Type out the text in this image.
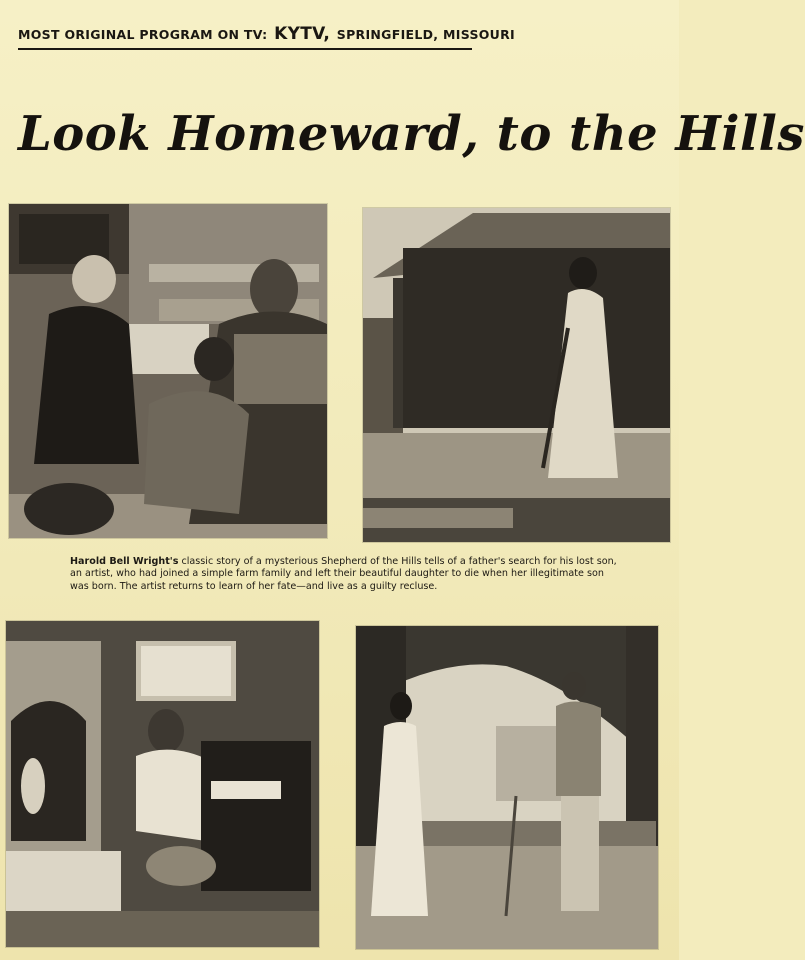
MOST ORIGINAL PROGRAM ON TV: KYTV, SPRINGFIELD, MISSOURI
Look Homeward, to the Hills
Harold Bell Wright's classic story of a mysterious Shepherd of the Hills tells of a father's search for his lost son, an artist, who had joined a simple farm family and left their beautiful daughter to die when her illegitimate son was born. The artist returns to learn of her fate—and live as a guilty recluse.
